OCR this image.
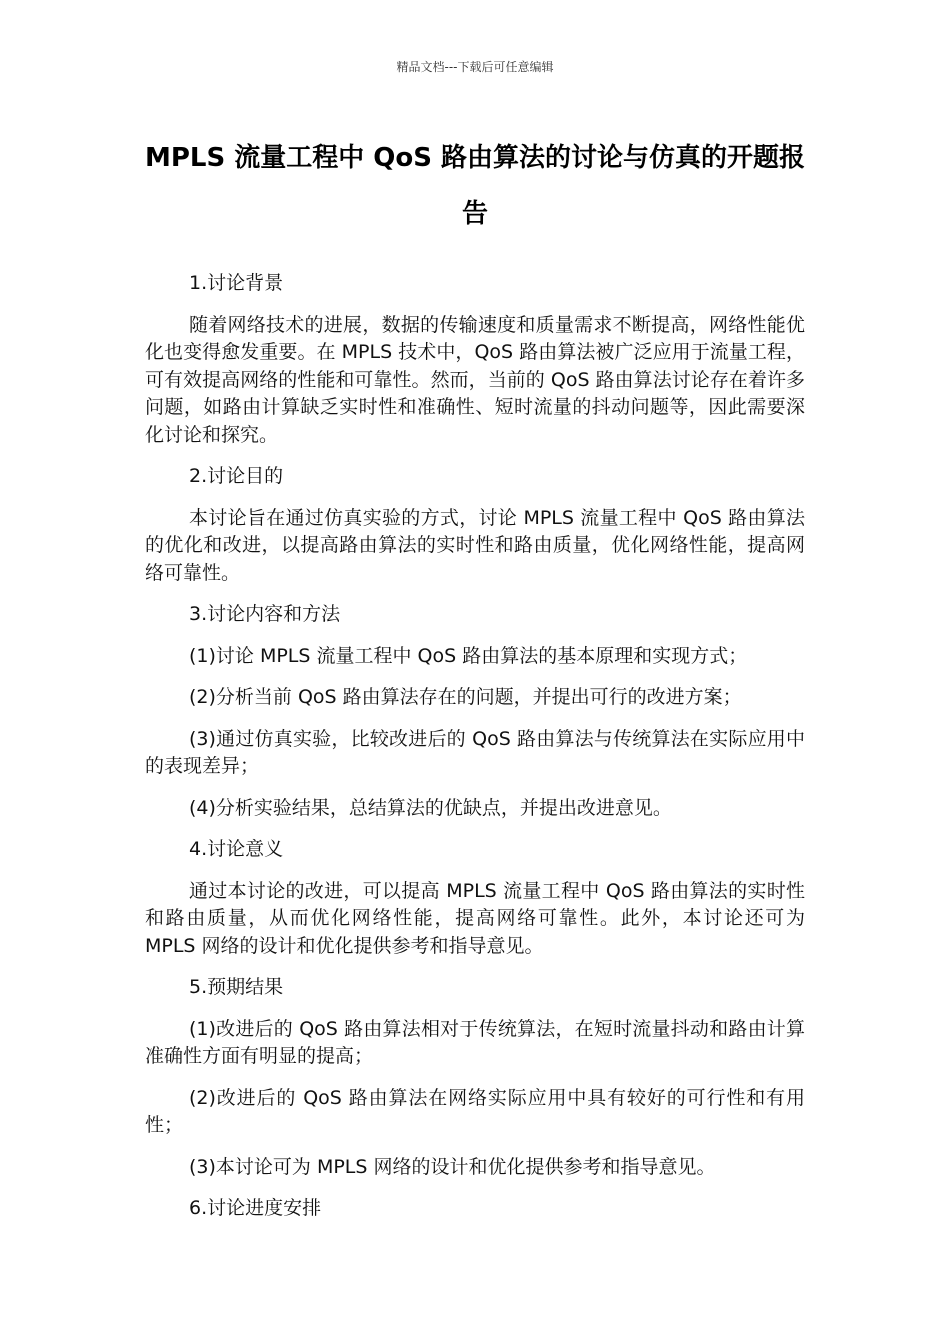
精品文档---下载后可任意编辑
MPLS 流量工程中 QoS 路由算法的讨论与仿真的开题报告

1.讨论背景

随着网络技术的进展，数据的传输速度和质量需求不断提高，网络性能优化也变得愈发重要。在 MPLS 技术中，QoS 路由算法被广泛应用于流量工程，可有效提高网络的性能和可靠性。然而，当前的 QoS 路由算法讨论存在着许多问题，如路由计算缺乏实时性和准确性、短时流量的抖动问题等，因此需要深化讨论和探究。

2.讨论目的

本讨论旨在通过仿真实验的方式，讨论 MPLS 流量工程中 QoS 路由算法的优化和改进，以提高路由算法的实时性和路由质量，优化网络性能，提高网络可靠性。

3.讨论内容和方法

(1)讨论 MPLS 流量工程中 QoS 路由算法的基本原理和实现方式；

(2)分析当前 QoS 路由算法存在的问题，并提出可行的改进方案；

(3)通过仿真实验，比较改进后的 QoS 路由算法与传统算法在实际应用中的表现差异；

(4)分析实验结果，总结算法的优缺点，并提出改进意见。

4.讨论意义

通过本讨论的改进，可以提高 MPLS 流量工程中 QoS 路由算法的实时性和路由质量，从而优化网络性能，提高网络可靠性。此外，本讨论还可为 MPLS 网络的设计和优化提供参考和指导意见。

5.预期结果

(1)改进后的 QoS 路由算法相对于传统算法，在短时流量抖动和路由计算准确性方面有明显的提高；

(2)改进后的 QoS 路由算法在网络实际应用中具有较好的可行性和有用性；

(3)本讨论可为 MPLS 网络的设计和优化提供参考和指导意见。

6.讨论进度安排
